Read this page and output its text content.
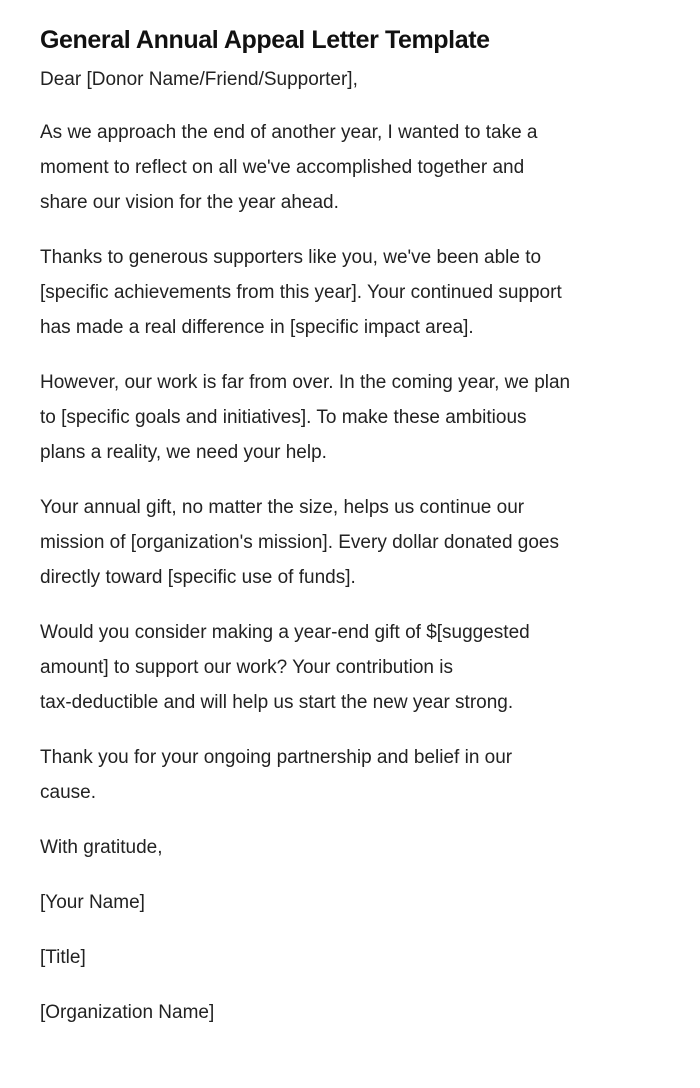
General Annual Appeal Letter Template

Dear [Donor Name/Friend/Supporter],

As we approach the end of another year, I wanted to take a
moment to reflect on all we've accomplished together and
share our vision for the year ahead.

Thanks to generous supporters like you, we've been able to
[specific achievements from this year]. Your continued support
has made a real difference in [specific impact area].

However, our work is far from over. In the coming year, we plan
to [specific goals and initiatives]. To make these ambitious
plans a reality, we need your help.

Your annual gift, no matter the size, helps us continue our
mission of [organization's mission]. Every dollar donated goes
directly toward [specific use of funds].

Would you consider making a year-end gift of $[suggested
amount] to support our work? Your contribution is
tax-deductible and will help us start the new year strong.

Thank you for your ongoing partnership and belief in our
cause.

With gratitude,

[Your Name]

[Title]

[Organization Name]
